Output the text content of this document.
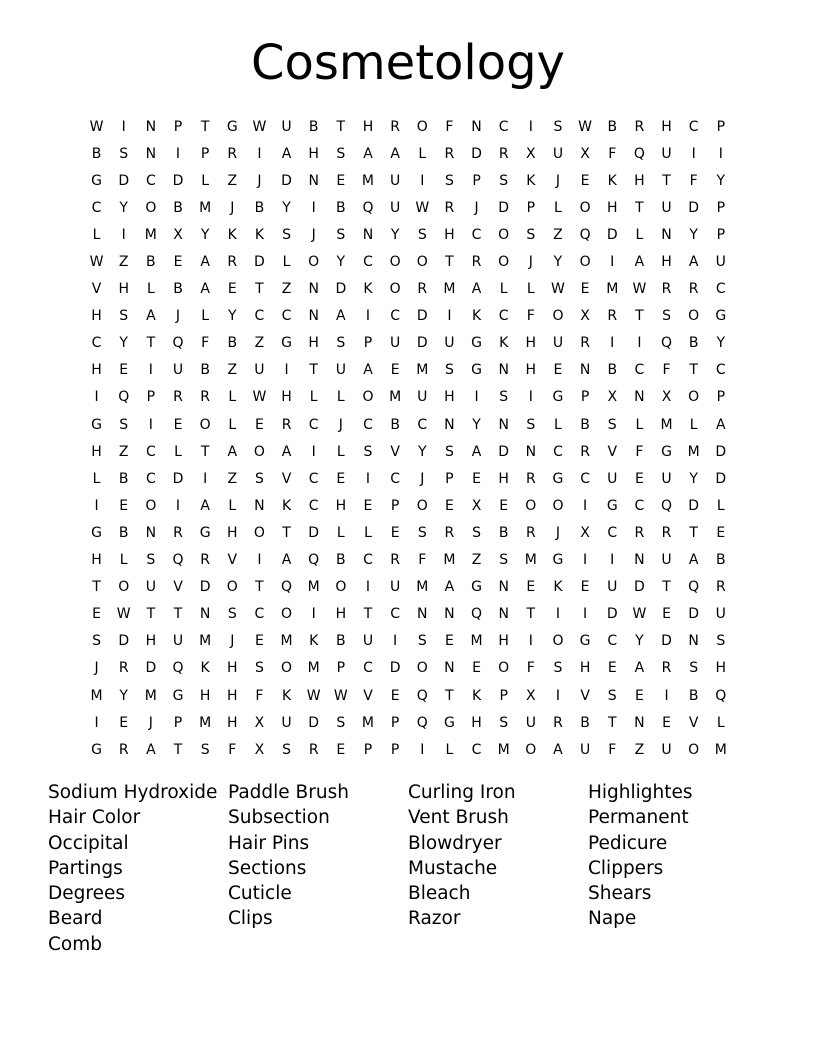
Cosmetology
W	I	N	P	T	G	W	U	B	T	H	R	O	F	N	C	I	S	W	B	R	H	C	P
B	S	N	I	P	R	I	A	H	S	A	A	L	R	D	R	X	U	X	F	Q	U	I	I
G	D	C	D	L	Z	J	D	N	E	M	U	I	S	P	S	K	J	E	K	H	T	F	Y
C	Y	O	B	M	J	B	Y	I	B	Q	U	W	R	J	D	P	L	O	H	T	U	D	P
L	I	M	X	Y	K	K	S	J	S	N	Y	S	H	C	O	S	Z	Q	D	L	N	Y	P
W	Z	B	E	A	R	D	L	O	Y	C	O	O	T	R	O	J	Y	O	I	A	H	A	U
V	H	L	B	A	E	T	Z	N	D	K	O	R	M	A	L	L	W	E	M	W	R	R	C
H	S	A	J	L	Y	C	C	N	A	I	C	D	I	K	C	F	O	X	R	T	S	O	G
C	Y	T	Q	F	B	Z	G	H	S	P	U	D	U	G	K	H	U	R	I	I	Q	B	Y
H	E	I	U	B	Z	U	I	T	U	A	E	M	S	G	N	H	E	N	B	C	F	T	C
I	Q	P	R	R	L	W	H	L	L	O	M	U	H	I	S	I	G	P	X	N	X	O	P
G	S	I	E	O	L	E	R	C	J	C	B	C	N	Y	N	S	L	B	S	L	M	L	A
H	Z	C	L	T	A	O	A	I	L	S	V	Y	S	A	D	N	C	R	V	F	G	M	D
L	B	C	D	I	Z	S	V	C	E	I	C	J	P	E	H	R	G	C	U	E	U	Y	D
I	E	O	I	A	L	N	K	C	H	E	P	O	E	X	E	O	O	I	G	C	Q	D	L
G	B	N	R	G	H	O	T	D	L	L	E	S	R	S	B	R	J	X	C	R	R	T	E
H	L	S	Q	R	V	I	A	Q	B	C	R	F	M	Z	S	M	G	I	I	N	U	A	B
T	O	U	V	D	O	T	Q	M	O	I	U	M	A	G	N	E	K	E	U	D	T	Q	R
E	W	T	T	N	S	C	O	I	H	T	C	N	N	Q	N	T	I	I	D	W	E	D	U
S	D	H	U	M	J	E	M	K	B	U	I	S	E	M	H	I	O	G	C	Y	D	N	S
J	R	D	Q	K	H	S	O	M	P	C	D	O	N	E	O	F	S	H	E	A	R	S	H
M	Y	M	G	H	H	F	K	W W	V	E	Q	T	K	P	X	I	V	S	E	I	B	Q
I	E	J	P	M	H	X	U	D	S	M	P	Q	G	H	S	U	R	B	T	N	E	V	L
G	R	A	T	S	F	X	S	R	E	P	P	I	L	C	M	O	A	U	F	Z	U	O	M
Sodium Hydroxide
Hair Color
Occipital
Partings
Degrees
Beard
Comb
Paddle Brush
Subsection
Hair Pins
Sections
Cuticle
Clips
Curling Iron
Vent Brush
Blowdryer
Mustache
Bleach
Razor
Highlightes
Permanent
Pedicure
Clippers
Shears
Nape
